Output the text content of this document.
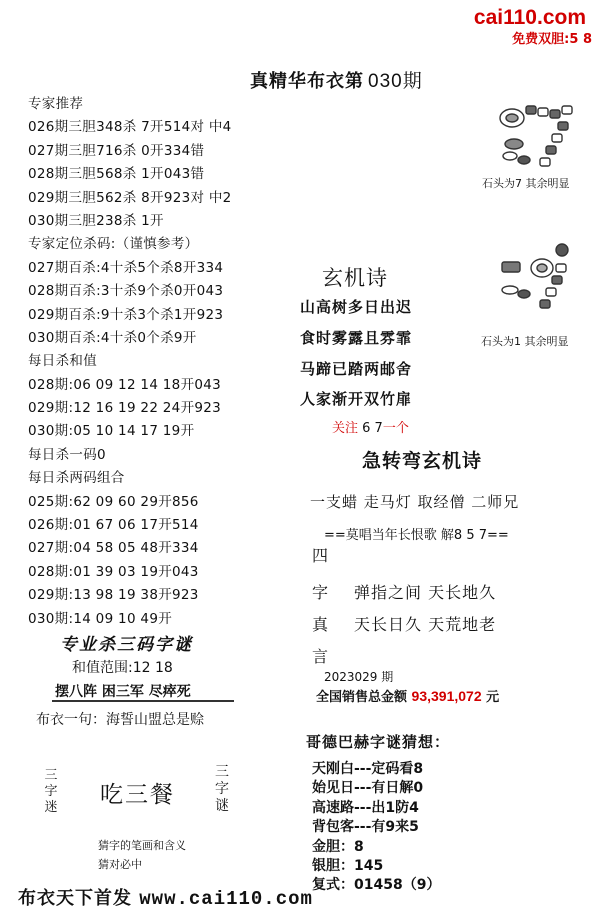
cai110.com
免费双胆:5 8
真精华布衣第 030期
专家推荐
026期三胆348杀 7开514对 中4
027期三胆716杀 0开334错
028期三胆568杀 1开043错
029期三胆562杀 8开923对 中2
030期三胆238杀 1开
专家定位杀码:（谨慎参考）
027期百杀:4十杀5个杀8开334
028期百杀:3十杀9个杀0开043
029期百杀:9十杀3个杀1开923
030期百杀:4十杀0个杀9开
每日杀和值
028期:06 09 12 14 18开043
029期:12 16 19 22 24开923
030期:05 10 14 17 19开
每日杀一码0
每日杀两码组合
025期:62 09 60 29开856
026期:01 67 06 17开514
027期:04 58 05 48开334
028期:01 39 03 19开043
029期:13 98 19 38开923
030期:14 09 10 49开
专业杀三码字谜
和值范围:12 18
摆八阵 困三军 尽瘁死
布衣一句：海誓山盟总是赊
三字迷 吃三餐
三字谜
猜字的笔画和含义
猜对必中
布衣天下首发 www.cai110.com
石头为7 其余明显
石头为1 其余明显
玄机诗
山高树多日出迟
食时雾露且雰霏
马蹄已踏两邮舍
人家渐开双竹扉
关注 6 7一个
急转弯玄机诗
一支蜡 走马灯 取经僧 二师兄
==莫唱当年长恨歌 解8 5 7==
四
字
真
言
弹指之间 天长地久
天长日久 天荒地老
2023029 期
全国销售总金额 93,391,072 元
哥德巴赫字谜猜想：
天刚白---定码看8
始见日---有日解0
高速路---出1防4
背包客---有9来5
金胆：8
银胆：145
复式：01458（9）
